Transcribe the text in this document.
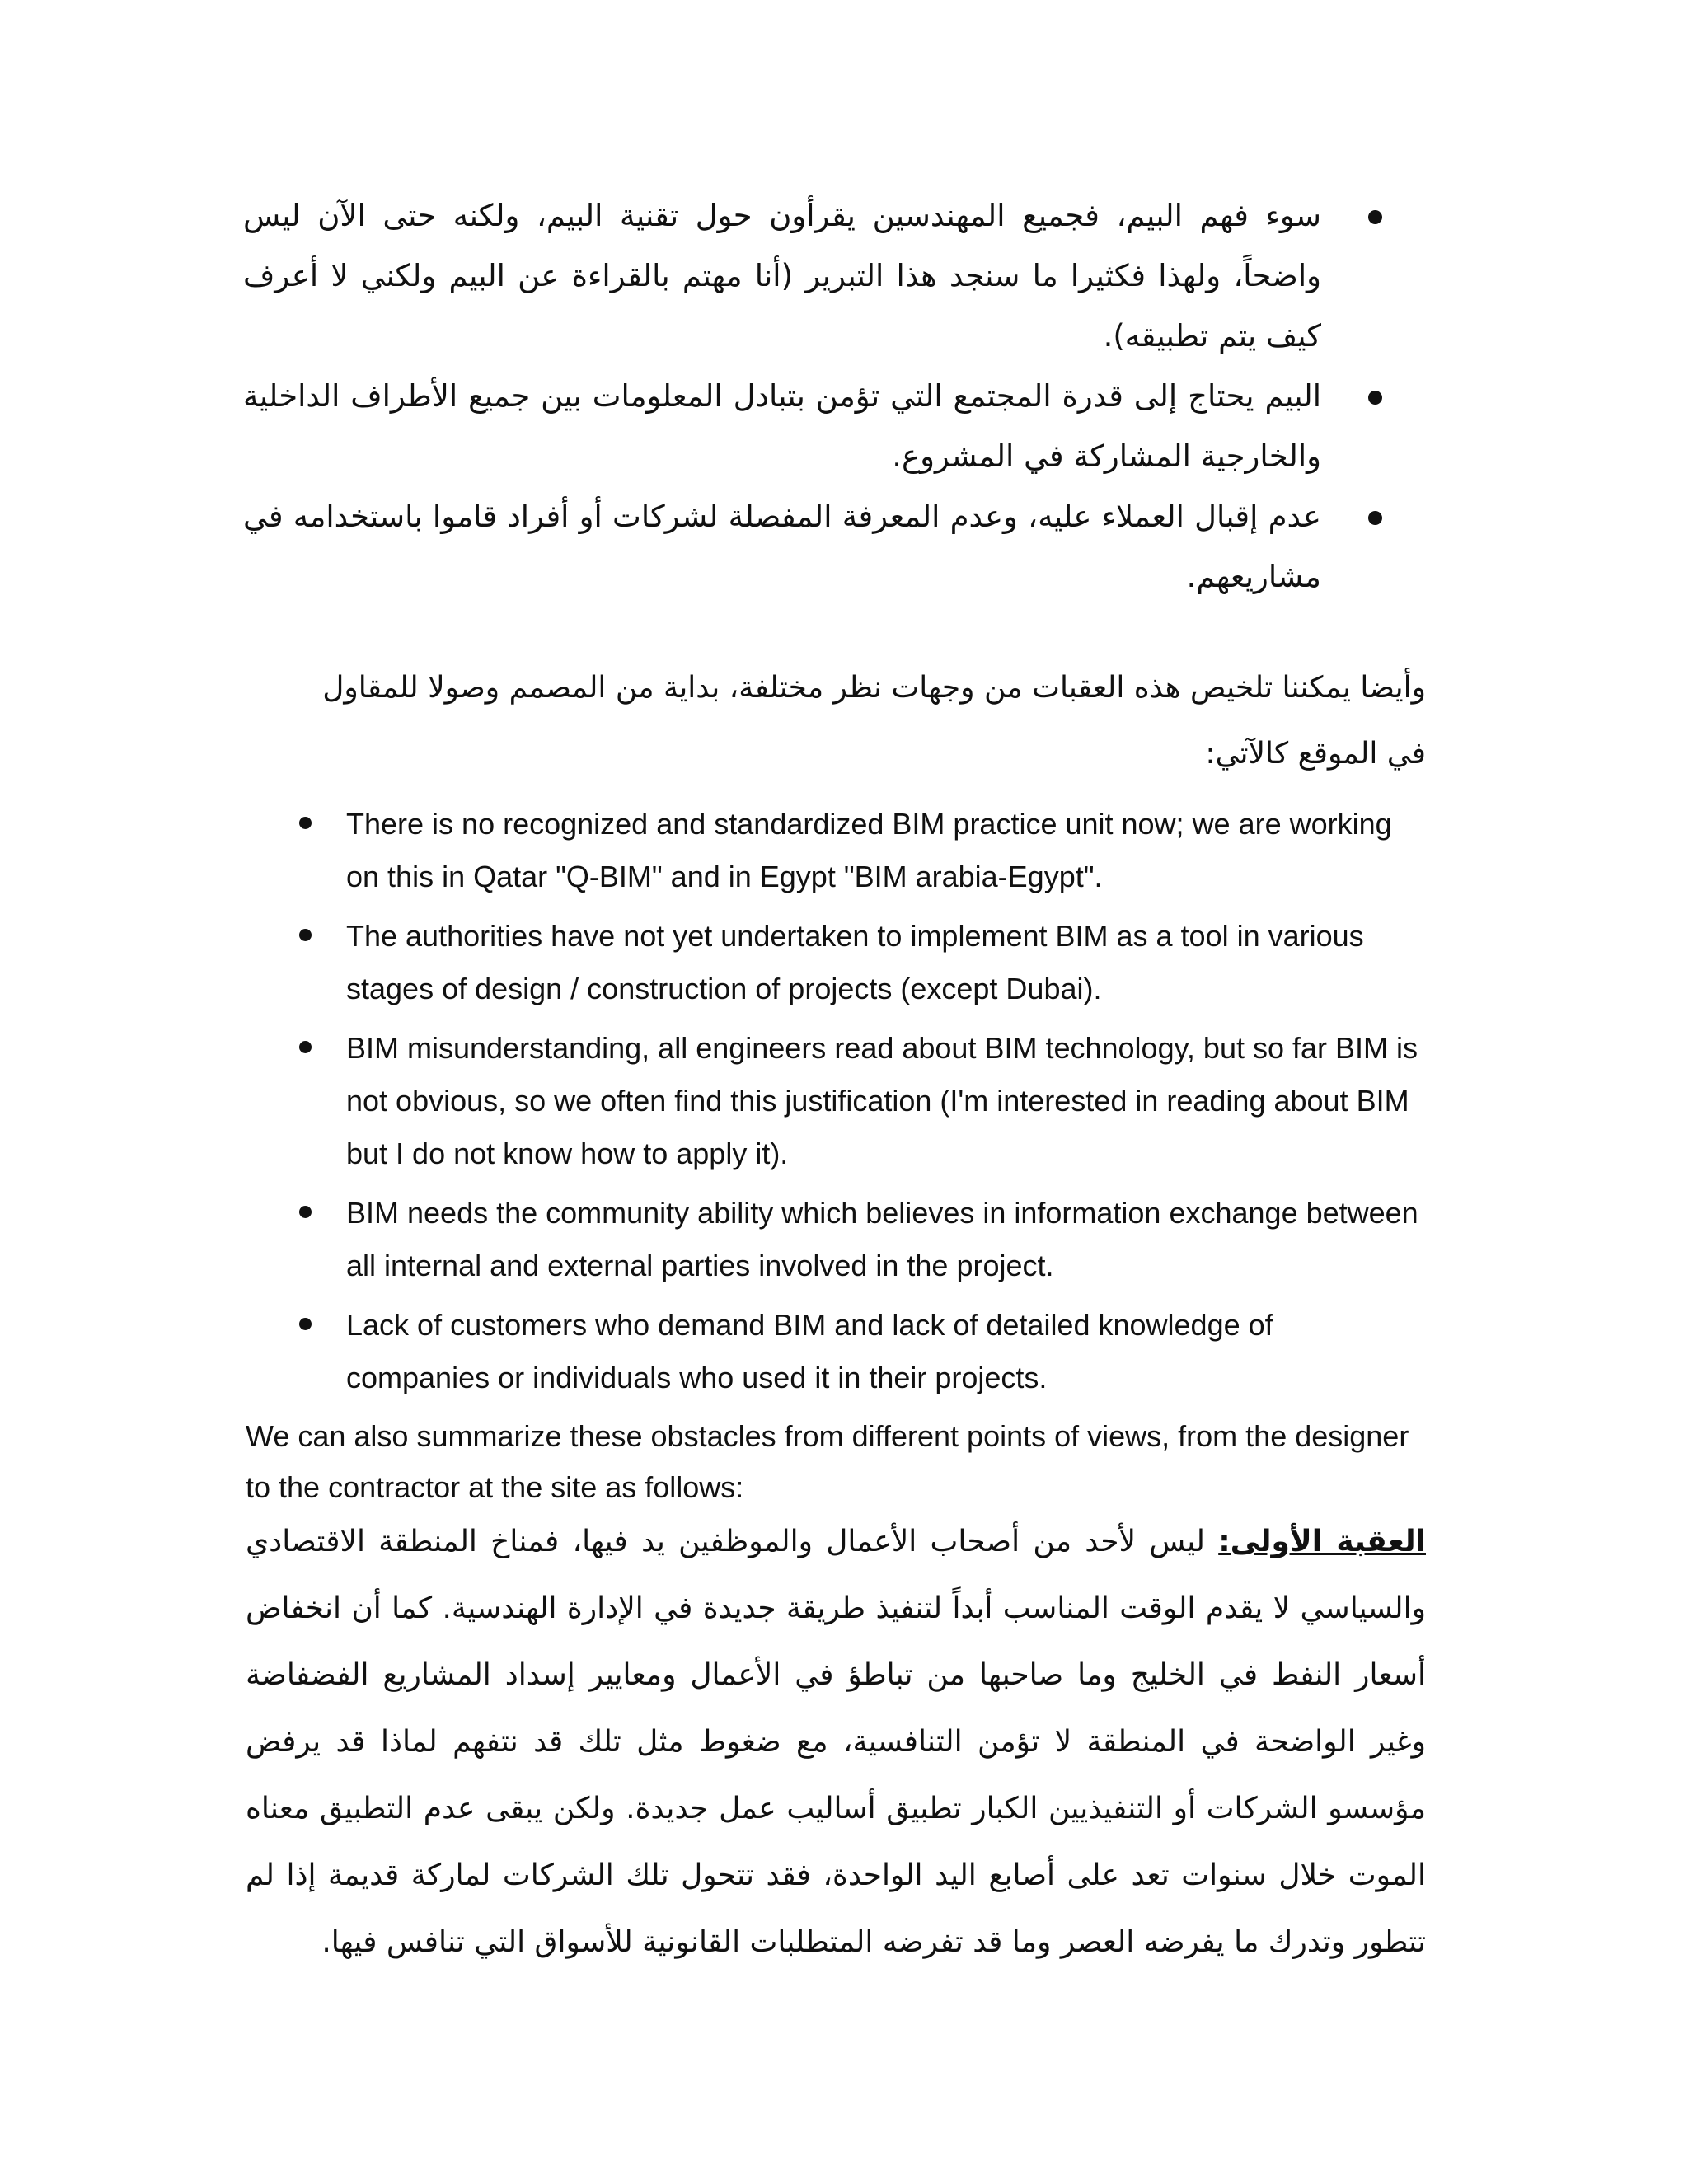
سوء فهم البيم، فجميع المهندسين يقرأون حول تقنية البيم، ولكنه حتى الآن ليس واضحاً، ولهذا فكثيرا ما سنجد هذا التبرير (أنا مهتم بالقراءة عن البيم ولكني لا أعرف كيف يتم تطبيقه).
البيم يحتاج إلى قدرة المجتمع التي تؤمن بتبادل المعلومات بين جميع الأطراف الداخلية والخارجية المشاركة في المشروع.
عدم إقبال العملاء عليه، وعدم المعرفة المفصلة لشركات أو أفراد قاموا باستخدامه في مشاريعهم.

وأيضا يمكننا تلخيص هذه العقبات من وجهات نظر مختلفة، بداية من المصمم وصولا للمقاول في الموقع كالآتي:

There is no recognized and standardized BIM practice unit now; we are working on this in Qatar "Q-BIM" and in Egypt "BIM arabia-Egypt".
The authorities have not yet undertaken to implement BIM as a tool in various stages of design / construction of projects (except Dubai).
BIM misunderstanding, all engineers read about BIM technology, but so far BIM is not obvious, so we often find this justification (I'm interested in reading about BIM but I do not know how to apply it).
BIM needs the community ability which believes in information exchange between all internal and external parties involved in the project.
Lack of customers who demand BIM and lack of detailed knowledge of companies or individuals who used it in their projects.

We can also summarize these obstacles from different points of views, from the designer to the contractor at the site as follows:

العقبة الأولى: ليس لأحد من أصحاب الأعمال والموظفين يد فيها، فمناخ المنطقة الاقتصادي والسياسي لا يقدم الوقت المناسب أبداً لتنفيذ طريقة جديدة في الإدارة الهندسية. كما أن انخفاض أسعار النفط في الخليج وما صاحبها من تباطؤ في الأعمال ومعايير إسداد المشاريع الفضفاضة وغير الواضحة في المنطقة لا تؤمن التنافسية، مع ضغوط مثل تلك قد نتفهم لماذا قد يرفض مؤسسو الشركات أو التنفيذيين الكبار تطبيق أساليب عمل جديدة. ولكن يبقى عدم التطبيق معناه الموت خلال سنوات تعد على أصابع اليد الواحدة، فقد تتحول تلك الشركات لماركة قديمة إذا لم تتطور وتدرك ما يفرضه العصر وما قد تفرضه المتطلبات القانونية للأسواق التي تنافس فيها.
